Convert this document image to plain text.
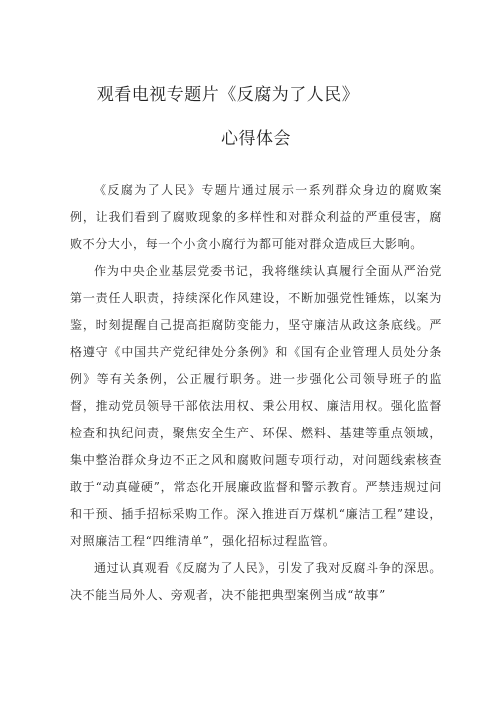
观看电视专题片《反腐为了人民》
心得体会

《反腐为了人民》专题片通过展示一系列群众身边的腐败案例，让我们看到了腐败现象的多样性和对群众利益的严重侵害，腐败不分大小，每一个小贪小腐行为都可能对群众造成巨大影响。

作为中央企业基层党委书记，我将继续认真履行全面从严治党第一责任人职责，持续深化作风建设，不断加强党性锤炼，以案为鉴，时刻提醒自己提高拒腐防变能力，坚守廉洁从政这条底线。严格遵守《中国共产党纪律处分条例》和《国有企业管理人员处分条例》等有关条例，公正履行职务。进一步强化公司领导班子的监督，推动党员领导干部依法用权、秉公用权、廉洁用权。强化监督检查和执纪问责，聚焦安全生产、环保、燃料、基建等重点领域，集中整治群众身边不正之风和腐败问题专项行动，对问题线索核查敢于“动真碰硬”，常态化开展廉政监督和警示教育。严禁违规过问和干预、插手招标采购工作。深入推进百万煤机“廉洁工程”建设，对照廉洁工程“四维清单”，强化招标过程监管。

通过认真观看《反腐为了人民》，引发了我对反腐斗争的深思。决不能当局外人、旁观者，决不能把典型案例当成“故事”
